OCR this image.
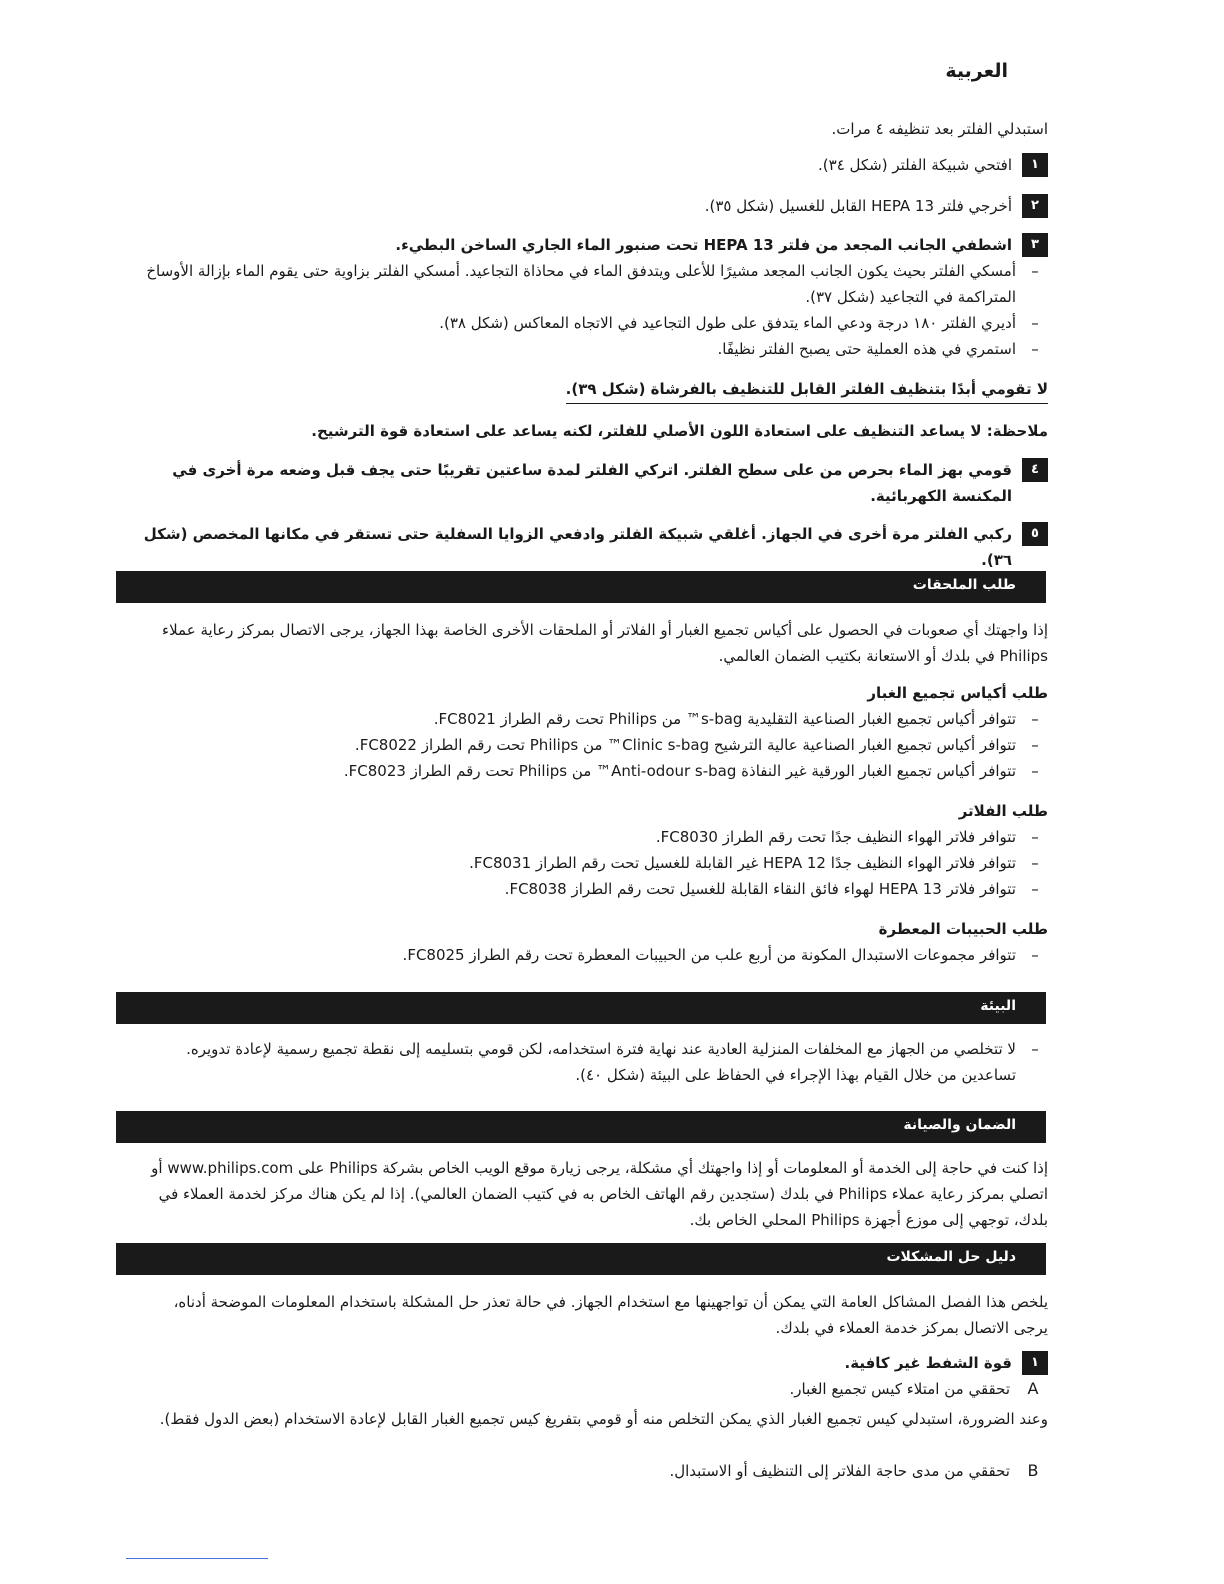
العربية

استبدلي الفلتر بعد تنظيفه ٤ مرات.

١
افتحي شبيكة الفلتر (شكل ٣٤).
٢
أخرجي فلتر HEPA 13 القابل للغسيل (شكل ٣٥).
٣
اشطفي الجانب المجعد من فلتر HEPA 13 تحت صنبور الماء الجاري الساخن البطيء.
–
أمسكي الفلتر بحيث يكون الجانب المجعد مشيرًا للأعلى ويتدفق الماء في محاذاة التجاعيد. أمسكي الفلتر بزاوية حتى يقوم الماء بإزالة الأوساخ المتراكمة في التجاعيد (شكل ٣٧).
–
أديري الفلتر ١٨٠ درجة ودعي الماء يتدفق على طول التجاعيد في الاتجاه المعاكس (شكل ٣٨).
–
استمري في هذه العملية حتى يصبح الفلتر نظيفًا.
لا تقومي أبدًا بتنظيف الفلتر القابل للتنظيف بالفرشاة (شكل ٣٩).

ملاحظة: لا يساعد التنظيف على استعادة اللون الأصلي للفلتر، لكنه يساعد على استعادة قوة الترشيح.

٤
قومي بهز الماء بحرص من على سطح الفلتر. اتركي الفلتر لمدة ساعتين تقريبًا حتى يجف قبل وضعه مرة أخرى في المكنسة الكهربائية.
٥
ركبي الفلتر مرة أخرى في الجهاز. أغلقي شبيكة الفلتر وادفعي الزوايا السفلية حتى تستقر في مكانها المخصص (شكل ٣٦).
طلب الملحقات

إذا واجهتك أي صعوبات في الحصول على أكياس تجميع الغبار أو الفلاتر أو الملحقات الأخرى الخاصة بهذا الجهاز، يرجى الاتصال بمركز رعاية عملاء Philips في بلدك أو الاستعانة بكتيب الضمان العالمي.

طلب أكياس تجميع الغبار

–
تتوافر أكياس تجميع الغبار الصناعية التقليدية s-bag™ من Philips تحت رقم الطراز FC8021.
–
تتوافر أكياس تجميع الغبار الصناعية عالية الترشيح Clinic s-bag™ من Philips تحت رقم الطراز FC8022.
–
تتوافر أكياس تجميع الغبار الورقية غير النفاذة Anti-odour s-bag™ من Philips تحت رقم الطراز FC8023.

طلب الفلاتر

–
تتوافر فلاتر الهواء النظيف جدًا تحت رقم الطراز FC8030.
–
تتوافر فلاتر الهواء النظيف جدًا HEPA 12 غير القابلة للغسيل تحت رقم الطراز FC8031.
–
تتوافر فلاتر HEPA 13 لهواء فائق النقاء القابلة للغسيل تحت رقم الطراز FC8038.

طلب الحبيبات المعطرة

–
تتوافر مجموعات الاستبدال المكونة من أربع علب من الحبيبات المعطرة تحت رقم الطراز FC8025.
البيئة
–
لا تتخلصي من الجهاز مع المخلفات المنزلية العادية عند نهاية فترة استخدامه، لكن قومي بتسليمه إلى نقطة تجميع رسمية لإعادة تدويره. تساعدين من خلال القيام بهذا الإجراء في الحفاظ على البيئة (شكل ٤٠).
الضمان والصيانة

إذا كنت في حاجة إلى الخدمة أو المعلومات أو إذا واجهتك أي مشكلة، يرجى زيارة موقع الويب الخاص بشركة Philips على www.philips.com أو اتصلي بمركز رعاية عملاء Philips في بلدك (ستجدين رقم الهاتف الخاص به في كتيب الضمان العالمي). إذا لم يكن هناك مركز لخدمة العملاء في بلدك، توجهي إلى موزع أجهزة Philips المحلي الخاص بك.

دليل حل المشكلات

يلخص هذا الفصل المشاكل العامة التي يمكن أن تواجهينها مع استخدام الجهاز. في حالة تعذر حل المشكلة باستخدام المعلومات الموضحة أدناه، يرجى الاتصال بمركز خدمة العملاء في بلدك.

١
قوة الشفط غير كافية.
A
تحققي من امتلاء كيس تجميع الغبار.

وعند الضرورة، استبدلي كيس تجميع الغبار الذي يمكن التخلص منه أو قومي بتفريغ كيس تجميع الغبار القابل لإعادة الاستخدام (بعض الدول فقط).

B
تحققي من مدى حاجة الفلاتر إلى التنظيف أو الاستبدال.
